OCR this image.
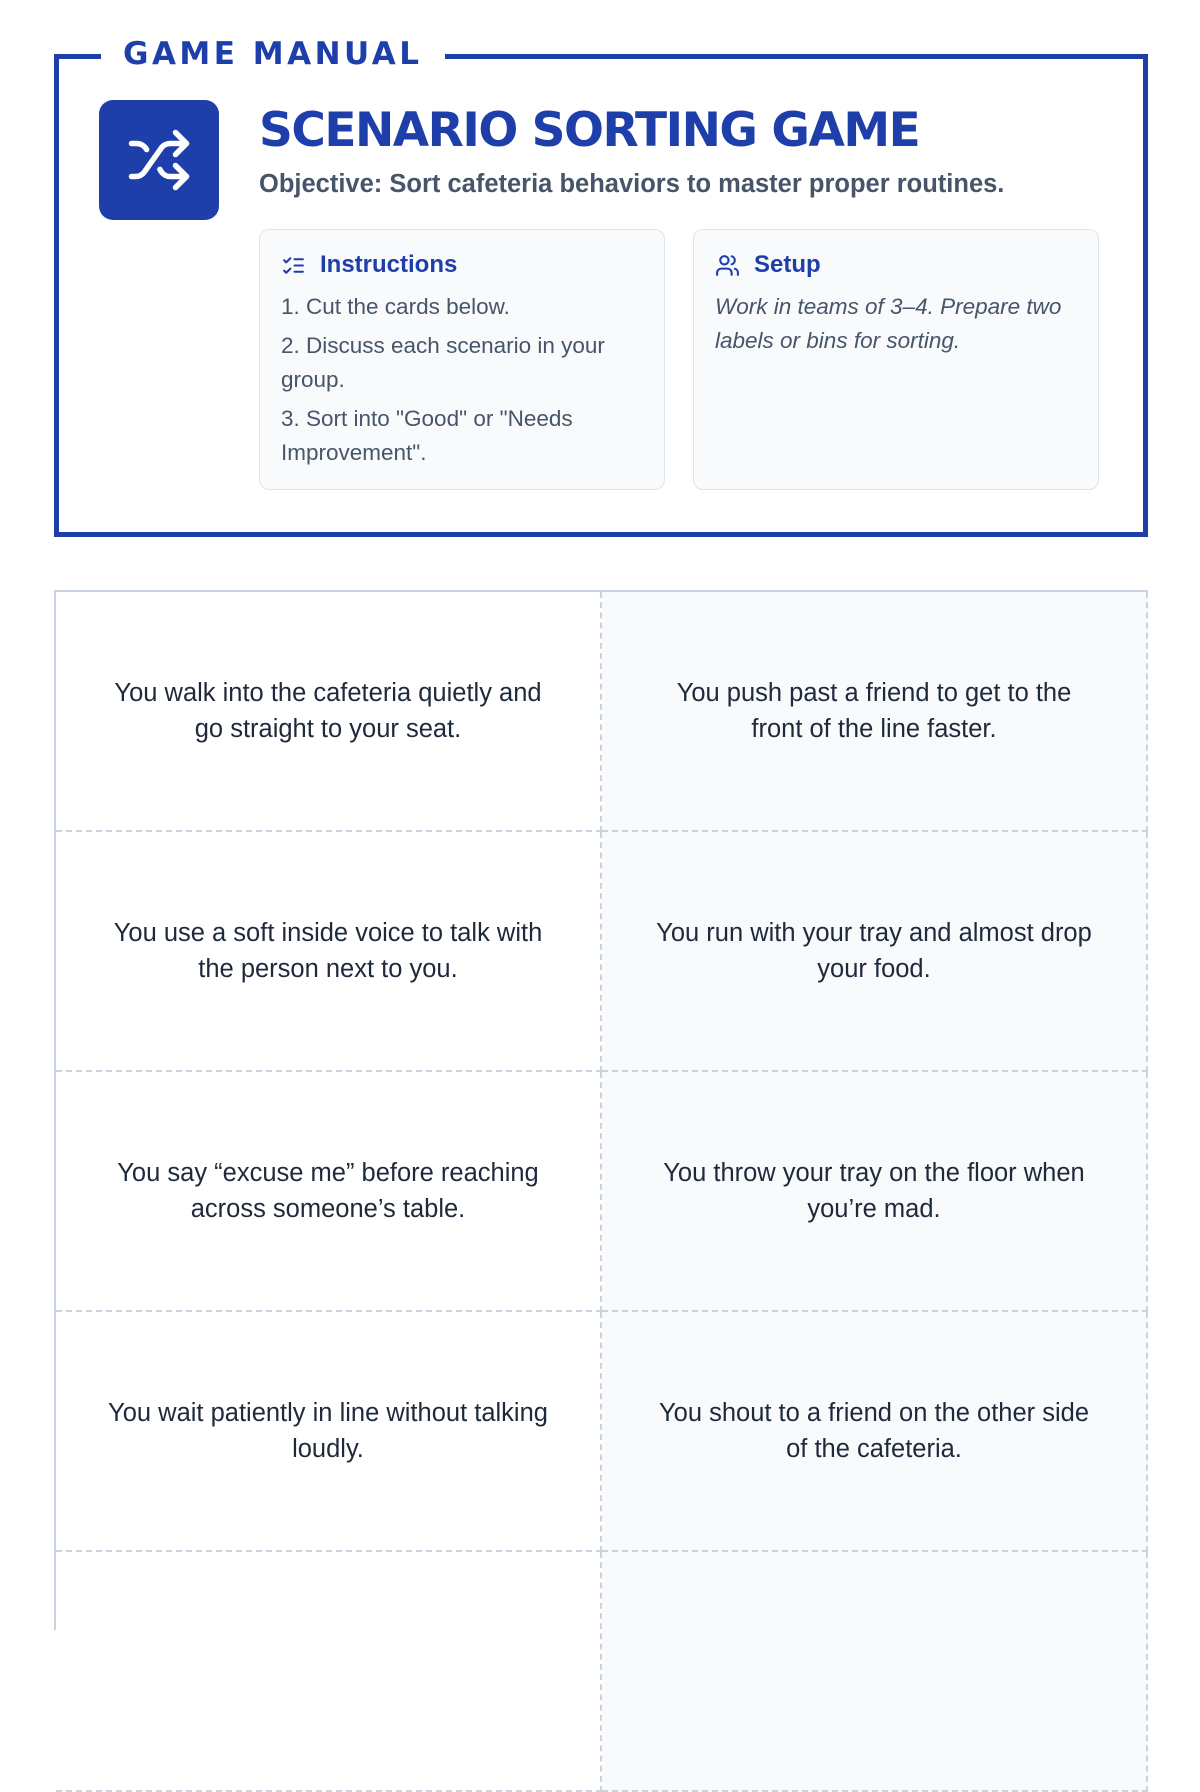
GAME MANUAL
SCENARIO SORTING GAME
Objective: Sort cafeteria behaviors to master proper routines.
Instructions
1. Cut the cards below.
2. Discuss each scenario in your group.
3. Sort into "Good" or "Needs Improvement".
Setup
Work in teams of 3–4. Prepare two labels or bins for sorting.
You walk into the cafeteria quietly and go straight to your seat.
You push past a friend to get to the front of the line faster.
You use a soft inside voice to talk with the person next to you.
You run with your tray and almost drop your food.
You say “excuse me” before reaching across someone’s table.
You throw your tray on the floor when you’re mad.
You wait patiently in line without talking loudly.
You shout to a friend on the other side of the cafeteria.
